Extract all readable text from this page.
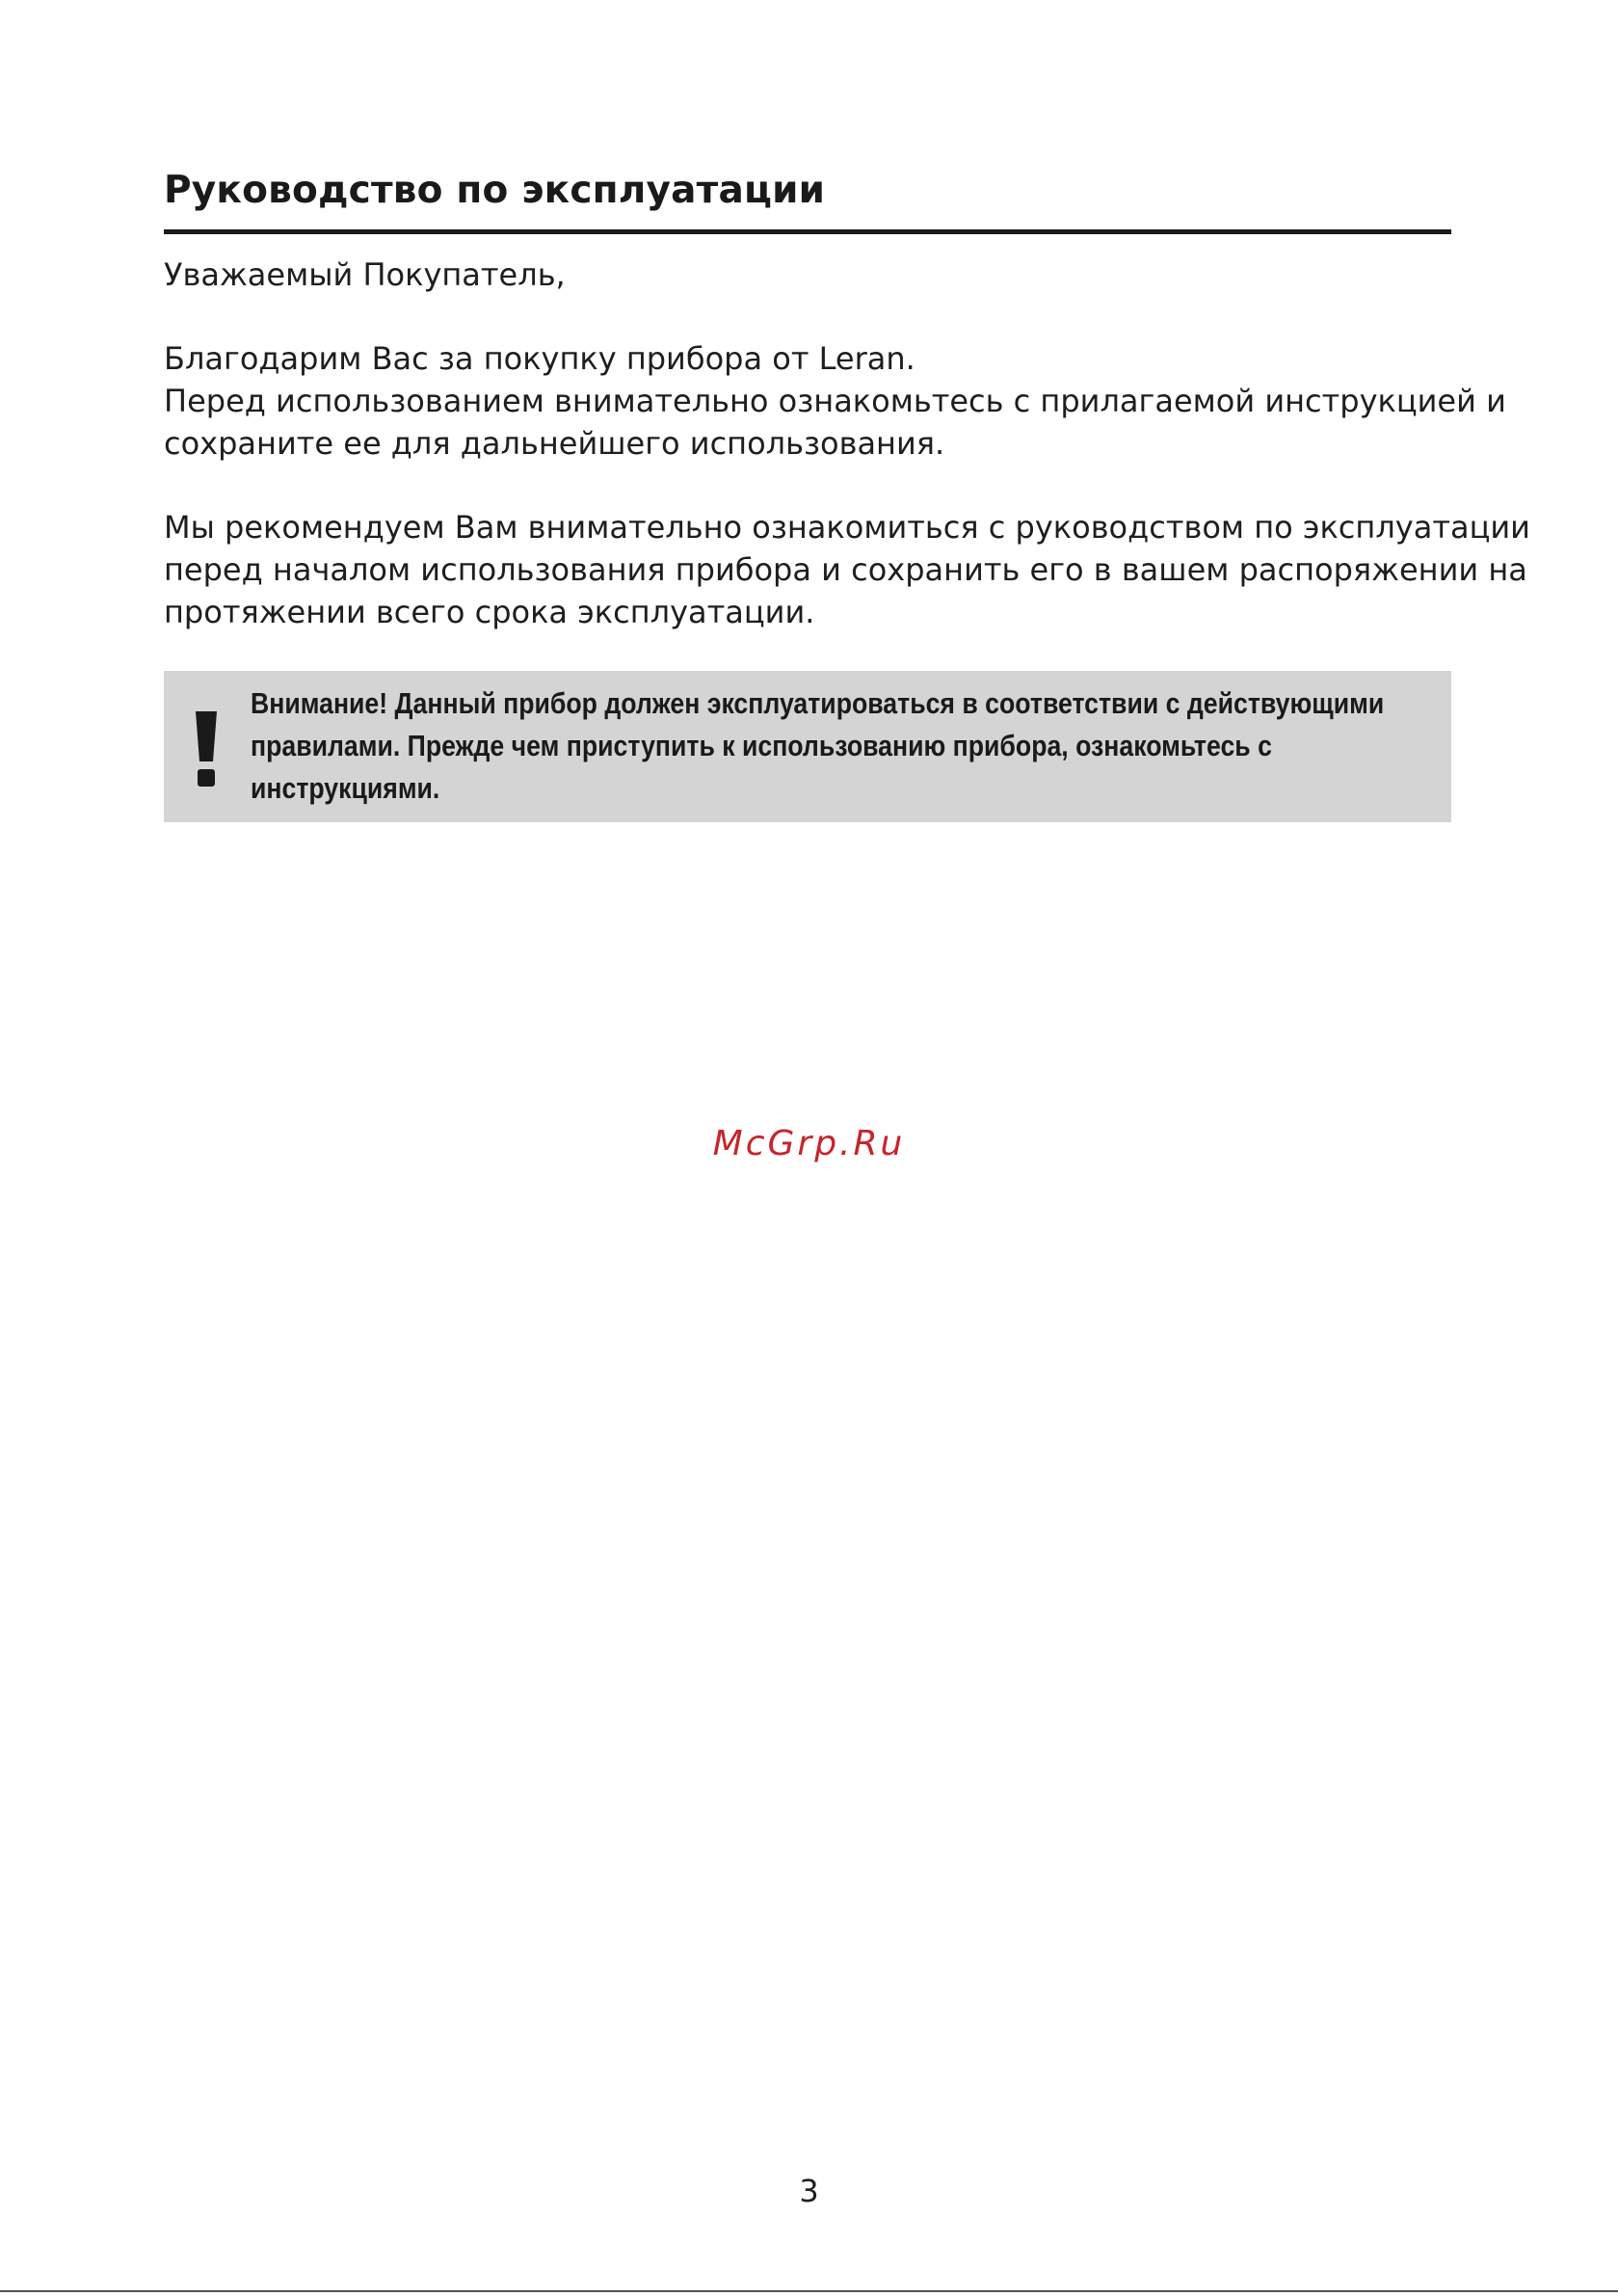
Руководство по эксплуатации

Уважаемый Покупатель,

Благодарим Вас за покупку прибора от Leran.
Перед использованием внимательно ознакомьтесь с прилагаемой инструкцией и
сохраните ее для дальнейшего использования.

Мы рекомендуем Вам внимательно ознакомиться с руководством по эксплуатации
перед началом использования прибора и сохранить его в вашем распоряжении на
протяжении всего срока эксплуатации.

Внимание! Данный прибор должен эксплуатироваться в соответствии с действующими
правилами. Прежде чем приступить к использованию прибора, ознакомьтесь с
инструкциями.
McGrp.Ru
3
